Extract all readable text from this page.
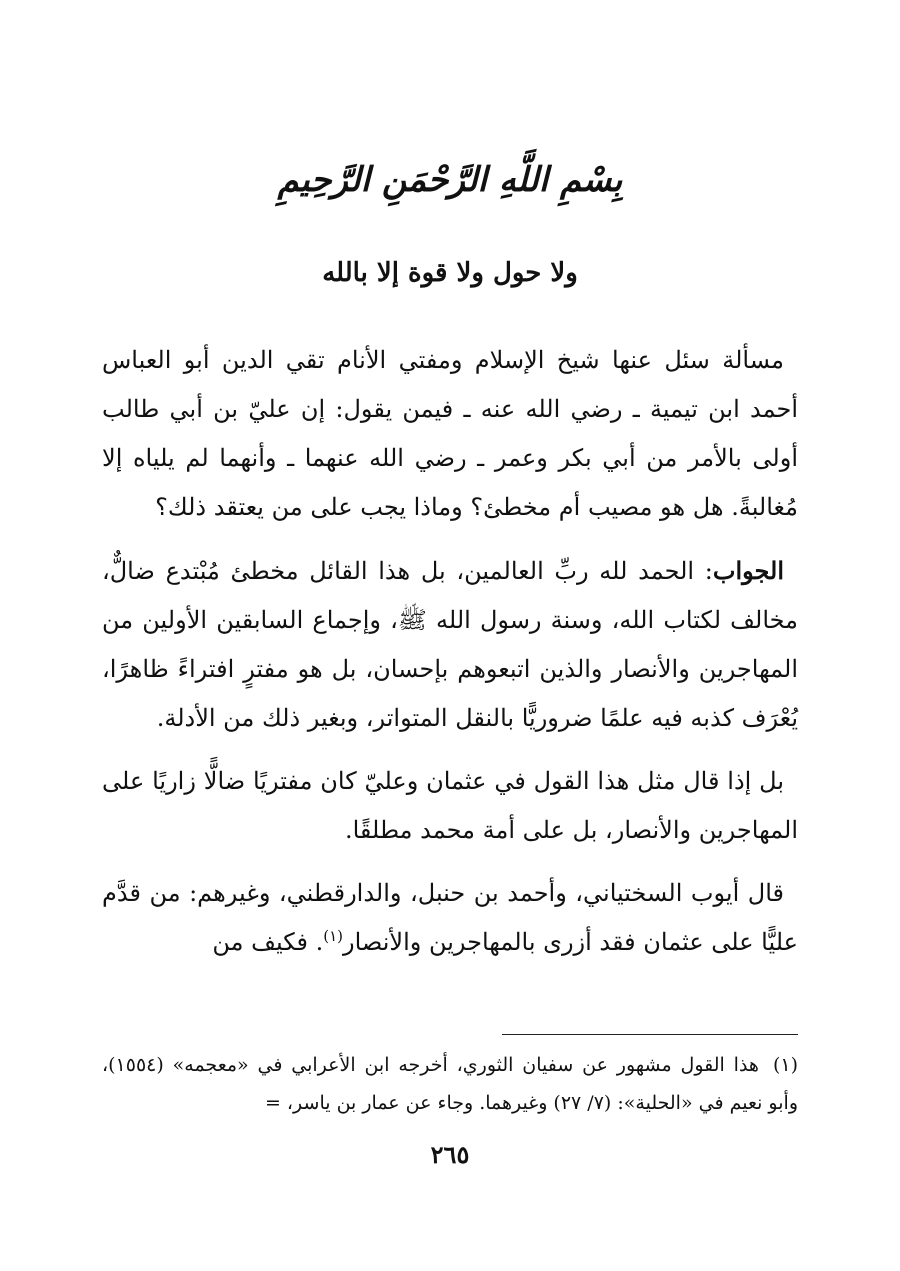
بِسْمِ اللَّهِ الرَّحْمَنِ الرَّحِيمِ
ولا حول ولا قوة إلا بالله

مسألة سئل عنها شيخ الإسلام ومفتي الأنام تقي الدين أبو العباس أحمد ابن تيمية ـ رضي الله عنه ـ فيمن يقول: إن عليّ بن أبي طالب أولى بالأمر من أبي بكر وعمر ـ رضي الله عنهما ـ وأنهما لم يلياه إلا مُغالبةً. هل هو مصيب أم مخطئ؟ وماذا يجب على من يعتقد ذلك؟

الجواب: الحمد لله ربِّ العالمين، بل هذا القائل مخطئ مُبْتدع ضالٌّ، مخالف لكتاب الله، وسنة رسول الله ﷺ، وإجماع السابقين الأولين من المهاجرين والأنصار والذين اتبعوهم بإحسان، بل هو مفترٍ افتراءً ظاهرًا، يُعْرَف كذبه فيه علمًا ضروريًّا بالنقل المتواتر، وبغير ذلك من الأدلة.

بل إذا قال مثل هذا القول في عثمان وعليّ كان مفتريًا ضالًّا زاريًا على المهاجرين والأنصار، بل على أمة محمد مطلقًا.

قال أيوب السختياني، وأحمد بن حنبل، والدارقطني، وغيرهم: من قدَّم عليًّا على عثمان فقد أزرى بالمهاجرين والأنصار$^{(١)}$. فكيف من

(١)هذا القول مشهور عن سفيان الثوري، أخرجه ابن الأعرابي في «معجمه» (١٥٥٤)، وأبو نعيم في «الحلية»: (٧/ ٢٧) وغيرهما. وجاء عن عمار بن ياسر، =
٢٦٥
